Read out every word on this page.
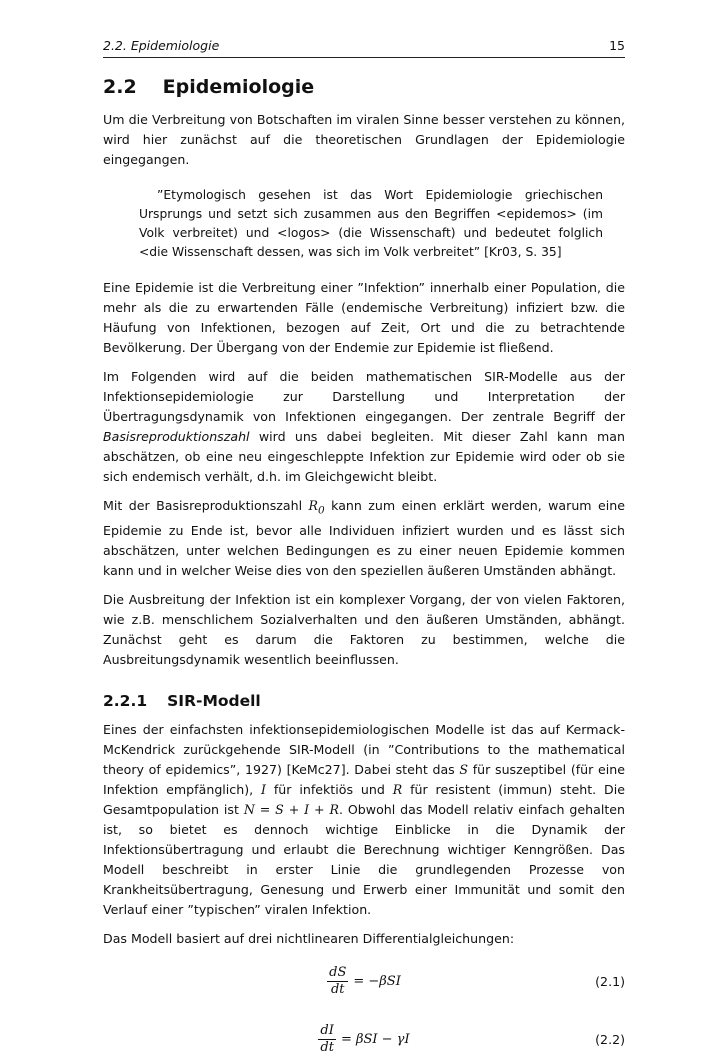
2.2. Epidemiologie	15
2.2 Epidemiologie

Um die Verbreitung von Botschaften im viralen Sinne besser verstehen zu können, wird hier zunächst auf die theoretischen Grundlagen der Epidemiologie eingegangen.

”Etymologisch gesehen ist das Wort Epidemiologie griechischen Ursprungs und setzt sich zusammen aus den Begriffen <epidemos> (im Volk verbreitet) und <logos> (die Wissenschaft) und bedeutet folglich <die Wissenschaft dessen, was sich im Volk verbreitet” [Kr03, S. 35]

Eine Epidemie ist die Verbreitung einer ”Infektion” innerhalb einer Population, die mehr als die zu erwartenden Fälle (endemische Verbreitung) infiziert bzw. die Häufung von Infektionen, bezogen auf Zeit, Ort und die zu betrachtende Bevölkerung. Der Übergang von der Endemie zur Epidemie ist fließend.

Im Folgenden wird auf die beiden mathematischen SIR-Modelle aus der Infektionsepidemiologie zur Darstellung und Interpretation der Übertragungsdynamik von Infektionen eingegangen. Der zentrale Begriff der Basisreproduktionszahl wird uns dabei begleiten. Mit dieser Zahl kann man abschätzen, ob eine neu eingeschleppte Infektion zur Epidemie wird oder ob sie sich endemisch verhält, d.h. im Gleichgewicht bleibt.

Mit der Basisreproduktionszahl $R_0$ kann zum einen erklärt werden, warum eine Epidemie zu Ende ist, bevor alle Individuen infiziert wurden und es lässt sich abschätzen, unter welchen Bedingungen es zu einer neuen Epidemie kommen kann und in welcher Weise dies von den speziellen äußeren Umständen abhängt.

Die Ausbreitung der Infektion ist ein komplexer Vorgang, der von vielen Faktoren, wie z.B. menschlichem Sozialverhalten und den äußeren Umständen, abhängt. Zunächst geht es darum die Faktoren zu bestimmen, welche die Ausbreitungsdynamik wesentlich beeinflussen.

2.2.1 SIR-Modell

Eines der einfachsten infektionsepidemiologischen Modelle ist das auf Kermack-McKendrick zurückgehende SIR-Modell (in ”Contributions to the mathematical theory of epidemics”, 1927) [KeMc27]. Dabei steht das S für suszeptibel (für eine Infektion empfänglich), I für infektiös und R für resistent (immun) steht. Die Gesamtpopulation ist N = S + I + R. Obwohl das Modell relativ einfach gehalten ist, so bietet es dennoch wichtige Einblicke in die Dynamik der Infektionsübertragung und erlaubt die Berechnung wichtiger Kenngrößen. Das Modell beschreibt in erster Linie die grundlegenden Prozesse von Krankheitsübertragung, Genesung und Erwerb einer Immunität und somit den Verlauf einer ”typischen” viralen Infektion.

Das Modell basiert auf drei nichtlinearen Differentialgleichungen:

$\frac{dS}{dt} = -\beta SI$	(2.1)
$\frac{dI}{dt} = \beta SI - \gamma I$	(2.2)
